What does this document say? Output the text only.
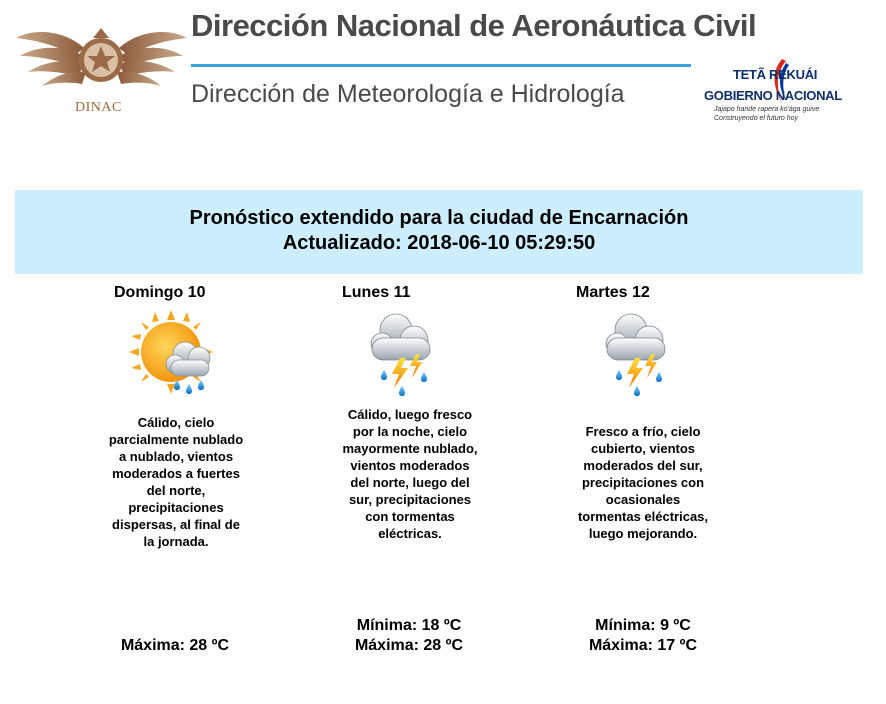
DINAC
Dirección Nacional de Aeronáutica Civil
Dirección de Meteorología e Hidrología
TETÃ REKUÁI
GOBIERNO NACIONAL
Jajapo hande rapera ko'ága guive
Construyendo el futuro hoy
Pronóstico extendido para la ciudad de Encarnación
Actualizado: 2018-06-10 05:29:50
Domingo 10
Cálido, cielo parcialmente nublado a nublado, vientos moderados a fuertes del norte, precipitaciones dispersas, al final de la jornada.
Máxima: 28 ºC
Lunes 11
Cálido, luego fresco por la noche, cielo mayormente nublado, vientos moderados del norte, luego del sur, precipitaciones con tormentas eléctricas.
Mínima: 18 ºC
Máxima: 28 ºC
Martes 12
Fresco a frío, cielo cubierto, vientos moderados del sur, precipitaciones con ocasionales tormentas eléctricas, luego mejorando.
Mínima: 9 ºC
Máxima: 17 ºC
